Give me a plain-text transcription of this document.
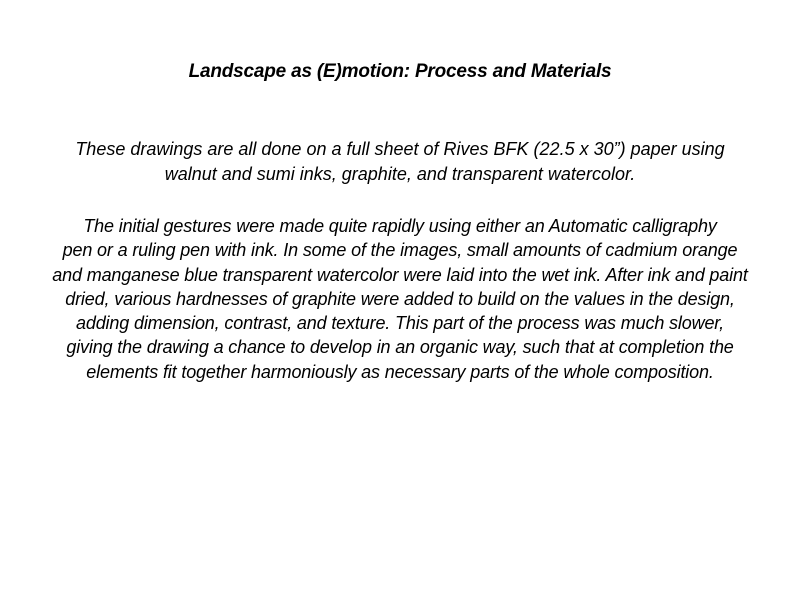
Landscape as (E)motion: Process and Materials

These drawings are all done on a full sheet of Rives BFK (22.5 x 30”) paper using
walnut and sumi inks, graphite, and transparent watercolor.

The initial gestures were made quite rapidly using either an Automatic calligraphy
pen or a ruling pen with ink. In some of the images, small amounts of cadmium orange
and manganese blue transparent watercolor were laid into the wet ink. After ink and paint
dried, various hardnesses of graphite were added to build on the values in the design,
adding dimension, contrast, and texture. This part of the process was much slower,
giving the drawing a chance to develop in an organic way, such that at completion the
elements fit together harmoniously as necessary parts of the whole composition.
